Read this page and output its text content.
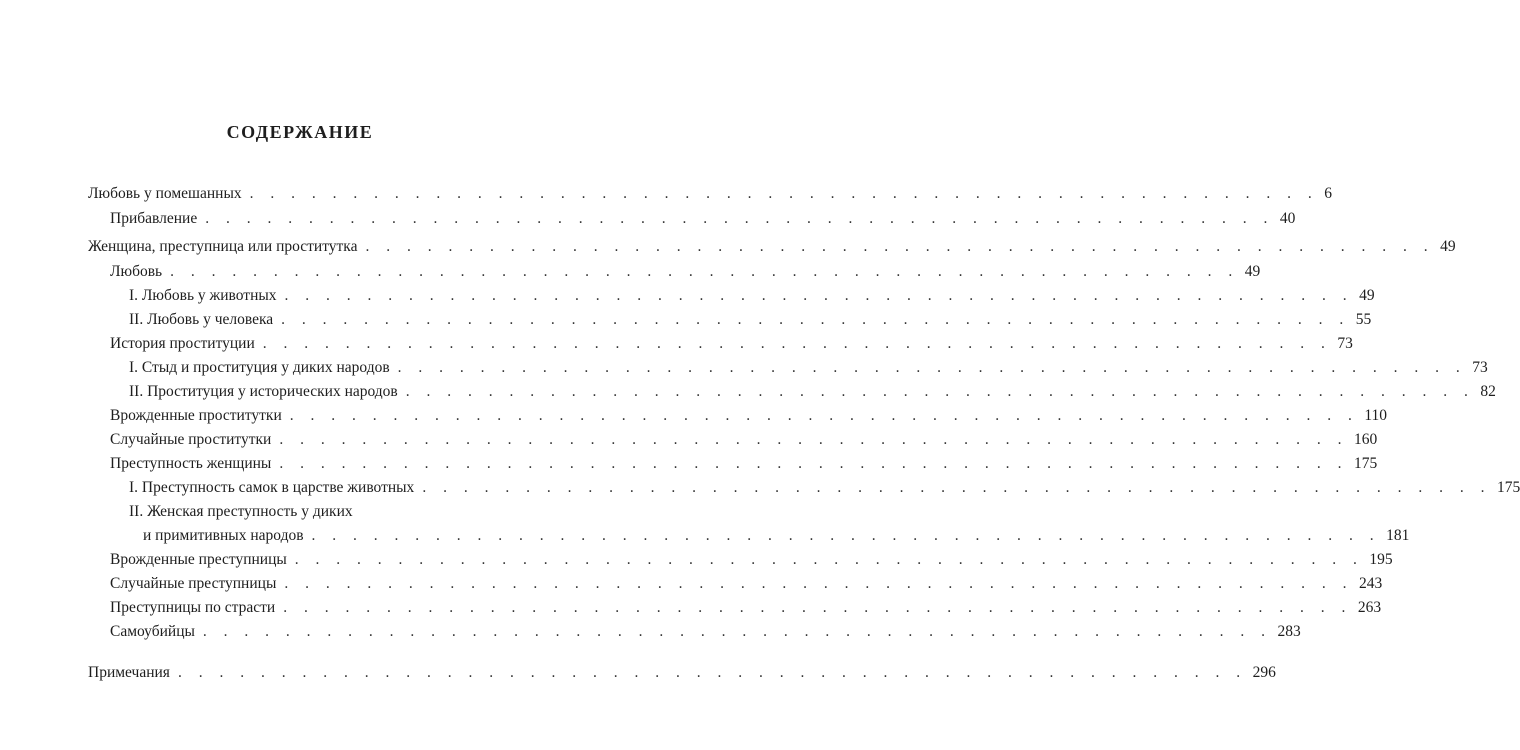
СОДЕРЖАНИЕ
Любовь у помешанных . . . . . . . . . . . . . . . . . . . . . . . . . . . . . . . . . . . . . . . . . . . . . . . . . . . . 6
Прибавление . . . . . . . . . . . . . . . . . . . . . . . . . . . . . . . . . . . . . . . . . . . . . . . . . . . . 40
Женщина, преступница или проститутка . . . . . . . . . . . . . . . . . . . . . . . . . . . . . . . . . . . . . . . . . . . . . . . . . . . . 49
Любовь . . . . . . . . . . . . . . . . . . . . . . . . . . . . . . . . . . . . . . . . . . . . . . . . . . . . 49
I. Любовь у животных . . . . . . . . . . . . . . . . . . . . . . . . . . . . . . . . . . . . . . . . . . . . . . . . . . . . 49
II. Любовь у человека . . . . . . . . . . . . . . . . . . . . . . . . . . . . . . . . . . . . . . . . . . . . . . . . . . . . 55
История проституции . . . . . . . . . . . . . . . . . . . . . . . . . . . . . . . . . . . . . . . . . . . . . . . . . . . . 73
I. Стыд и проституция у диких народов . . . . . . . . . . . . . . . . . . . . . . . . . . . . . . . . . . . . . . . . . . . . . . . . . . . . 73
II. Проституция у исторических народов . . . . . . . . . . . . . . . . . . . . . . . . . . . . . . . . . . . . . . . . . . . . . . . . . . . . 82
Врожденные проститутки . . . . . . . . . . . . . . . . . . . . . . . . . . . . . . . . . . . . . . . . . . . . . . . . . . . . 110
Случайные проститутки . . . . . . . . . . . . . . . . . . . . . . . . . . . . . . . . . . . . . . . . . . . . . . . . . . . . 160
Преступность женщины . . . . . . . . . . . . . . . . . . . . . . . . . . . . . . . . . . . . . . . . . . . . . . . . . . . . 175
I. Преступность самок в царстве животных . . . . . . . . . . . . . . . . . . . . . . . . . . . . . . . . . . . . . . . . . . . . . . . . . . . . 175
II. Женская преступность у диких
и примитивных народов . . . . . . . . . . . . . . . . . . . . . . . . . . . . . . . . . . . . . . . . . . . . . . . . . . . . 181
Врожденные преступницы . . . . . . . . . . . . . . . . . . . . . . . . . . . . . . . . . . . . . . . . . . . . . . . . . . . . 195
Случайные преступницы . . . . . . . . . . . . . . . . . . . . . . . . . . . . . . . . . . . . . . . . . . . . . . . . . . . . 243
Преступницы по страсти . . . . . . . . . . . . . . . . . . . . . . . . . . . . . . . . . . . . . . . . . . . . . . . . . . . . 263
Самоубийцы . . . . . . . . . . . . . . . . . . . . . . . . . . . . . . . . . . . . . . . . . . . . . . . . . . . . 283
Примечания . . . . . . . . . . . . . . . . . . . . . . . . . . . . . . . . . . . . . . . . . . . . . . . . . . . . 296
